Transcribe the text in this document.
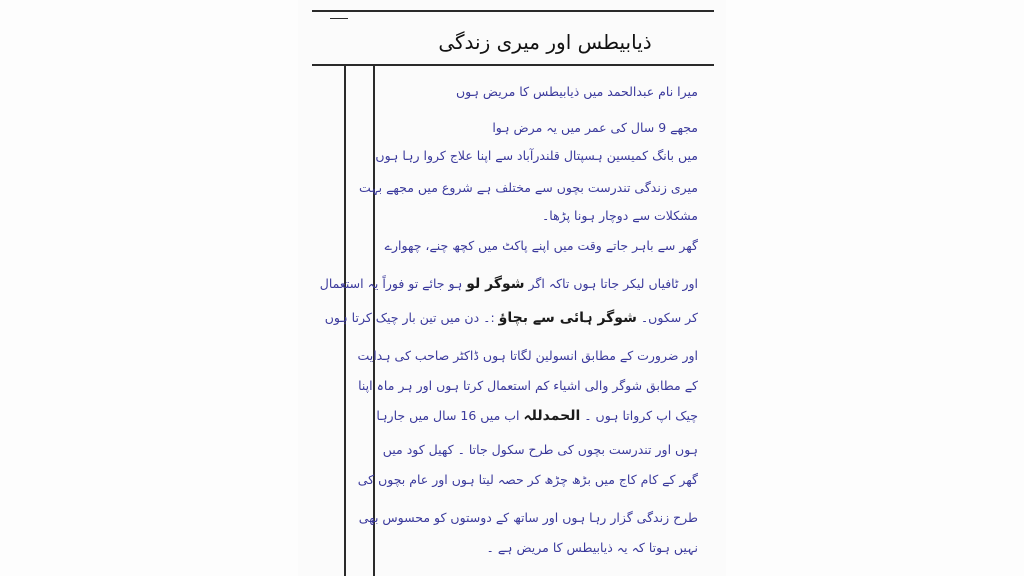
ذیابیطس اور میری زندگی
میرا نام عبدالحمد میں ذیابیطس کا مریض ہوں
مجھے 9 سال کی عمر میں یہ مرض ہوا
میں بانگ کمیسین ہسپتال قلندرآباد سے اپنا علاج کروا رہا ہوں
میری زندگی تندرست بچوں سے مختلف ہے شروع میں مجھے بہت
مشکلات سے دوچار ہونا پڑھا۔
گھر سے باہر جاتے وقت میں اپنے پاکٹ میں کچھ چنے، چھوارے
اور ٹافیاں لیکر جاتا ہوں تاکہ اگر شوگر لو ہو جائے تو فوراً یہ استعمال
کر سکوں۔ شوگر ہائی سے بچاؤ :۔ دن میں تین بار چیک کرتا ہوں
اور ضرورت کے مطابق انسولین لگاتا ہوں ڈاکٹر صاحب کی ہدایت
کے مطابق شوگر والی اشیاء کم استعمال کرتا ہوں اور ہر ماہ اپنا
چیک اپ کرواتا ہوں ۔ الحمدللہ اب میں 16 سال میں جارہا
ہوں اور تندرست بچوں کی طرح سکول جاتا ۔ کھیل کود میں
گھر کے کام کاج میں بڑھ چڑھ کر حصہ لیتا ہوں اور عام بچوں کی
طرح زندگی گزار رہا ہوں اور ساتھ کے دوستوں کو محسوس بھی
نہیں ہوتا کہ یہ ذیابیطس کا مریض ہے ۔
